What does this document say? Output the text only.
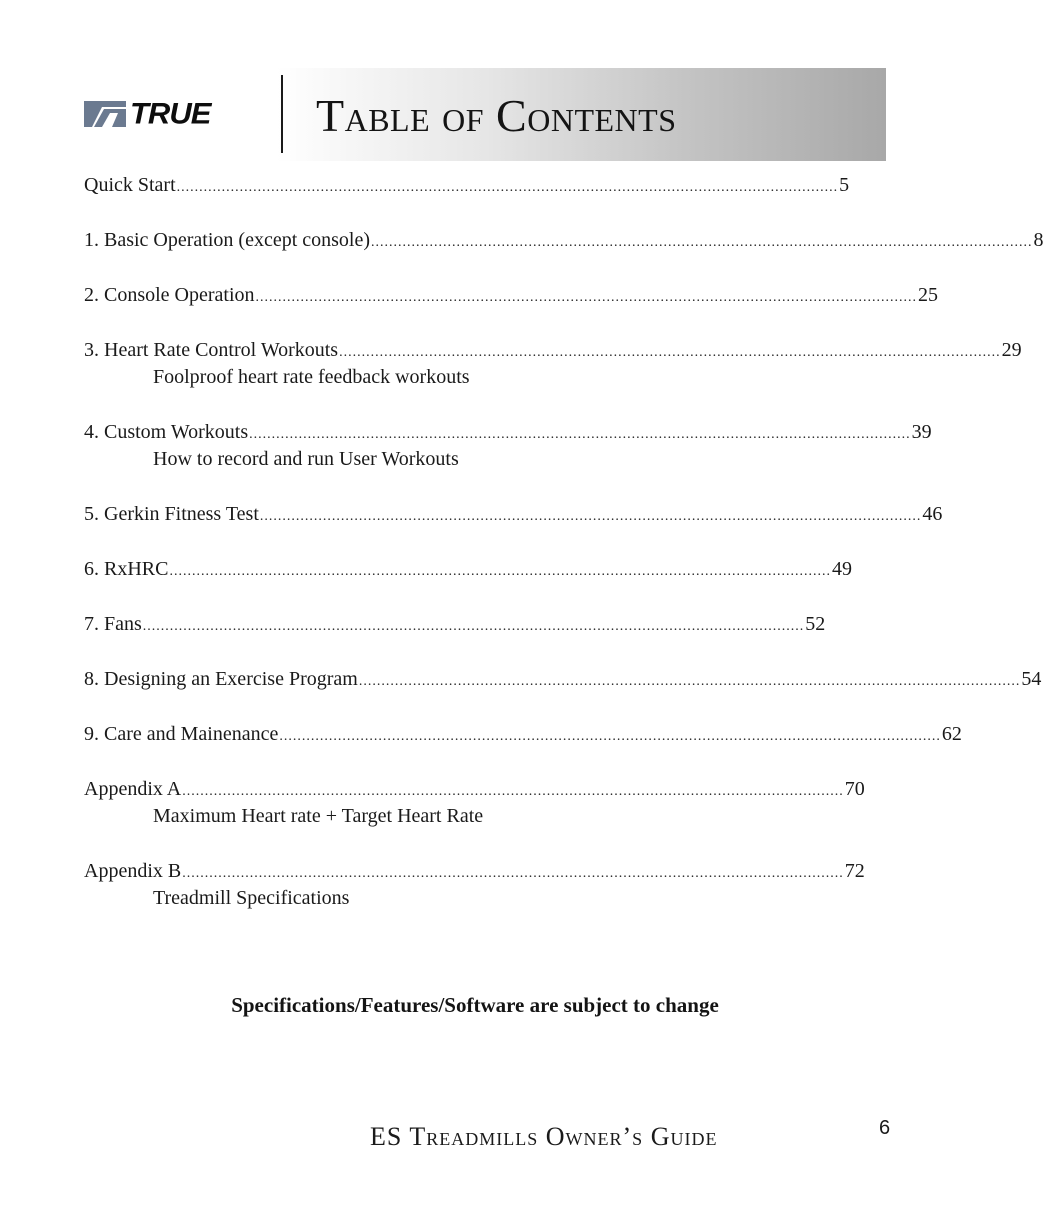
TRUE Table of Contents
Quick Start ................................................................................................................................................... 5
1. Basic Operation (except console) ................................................................................................................................................... 8
2. Console Operation ................................................................................................................................................... 25
3. Heart Rate Control Workouts ................................................................................................................................................... 29
Foolproof heart rate feedback workouts
4. Custom Workouts ................................................................................................................................................... 39
How to record and run User Workouts
5. Gerkin Fitness Test ................................................................................................................................................... 46
6. RxHRC ................................................................................................................................................... 49
7. Fans ................................................................................................................................................... 52
8. Designing an Exercise Program ................................................................................................................................................... 54
9. Care and Mainenance ................................................................................................................................................... 62
Appendix A ................................................................................................................................................... 70
Maximum Heart rate + Target Heart Rate
Appendix B ................................................................................................................................................... 72
Treadmill Specifications
Specifications/Features/Software are subject to change
ES Treadmills Owner’s Guide	6
